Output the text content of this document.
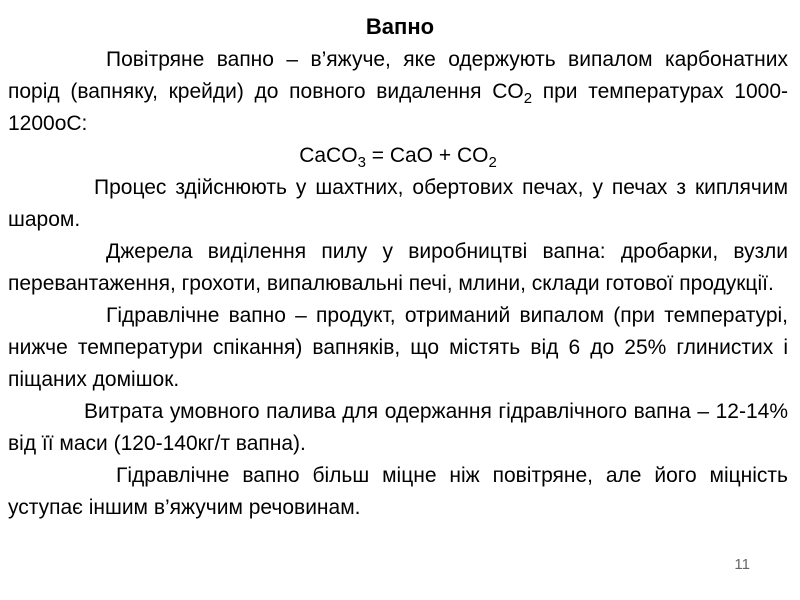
Вапно

Повітряне вапно – в’яжуче, яке одержують випалом карбонатних порід (вапняку, крейди) до повного видалення $CO_2$ при температурах 1000-1200оС:

CaCO$_3$ = CaO + $CO_2$

Процес здійснюють у шахтних, обертових печах, у печах з киплячим шаром.

Джерела виділення пилу у виробництві вапна: дробарки, вузли перевантаження, грохоти, випалювальні печі, млини, склади готової продукції.

Гідравлічне вапно – продукт, отриманий випалом (при температурі, нижче температури спікання) вапняків, що містять від 6 до 25% глинистих і піщаних домішок.

Витрата умовного палива для одержання гідравлічного вапна – 12-14% від її маси (120-140кг/т вапна).

Гідравлічне вапно більш міцне ніж повітряне, але його міцність уступає іншим в’яжучим речовинам.

11
